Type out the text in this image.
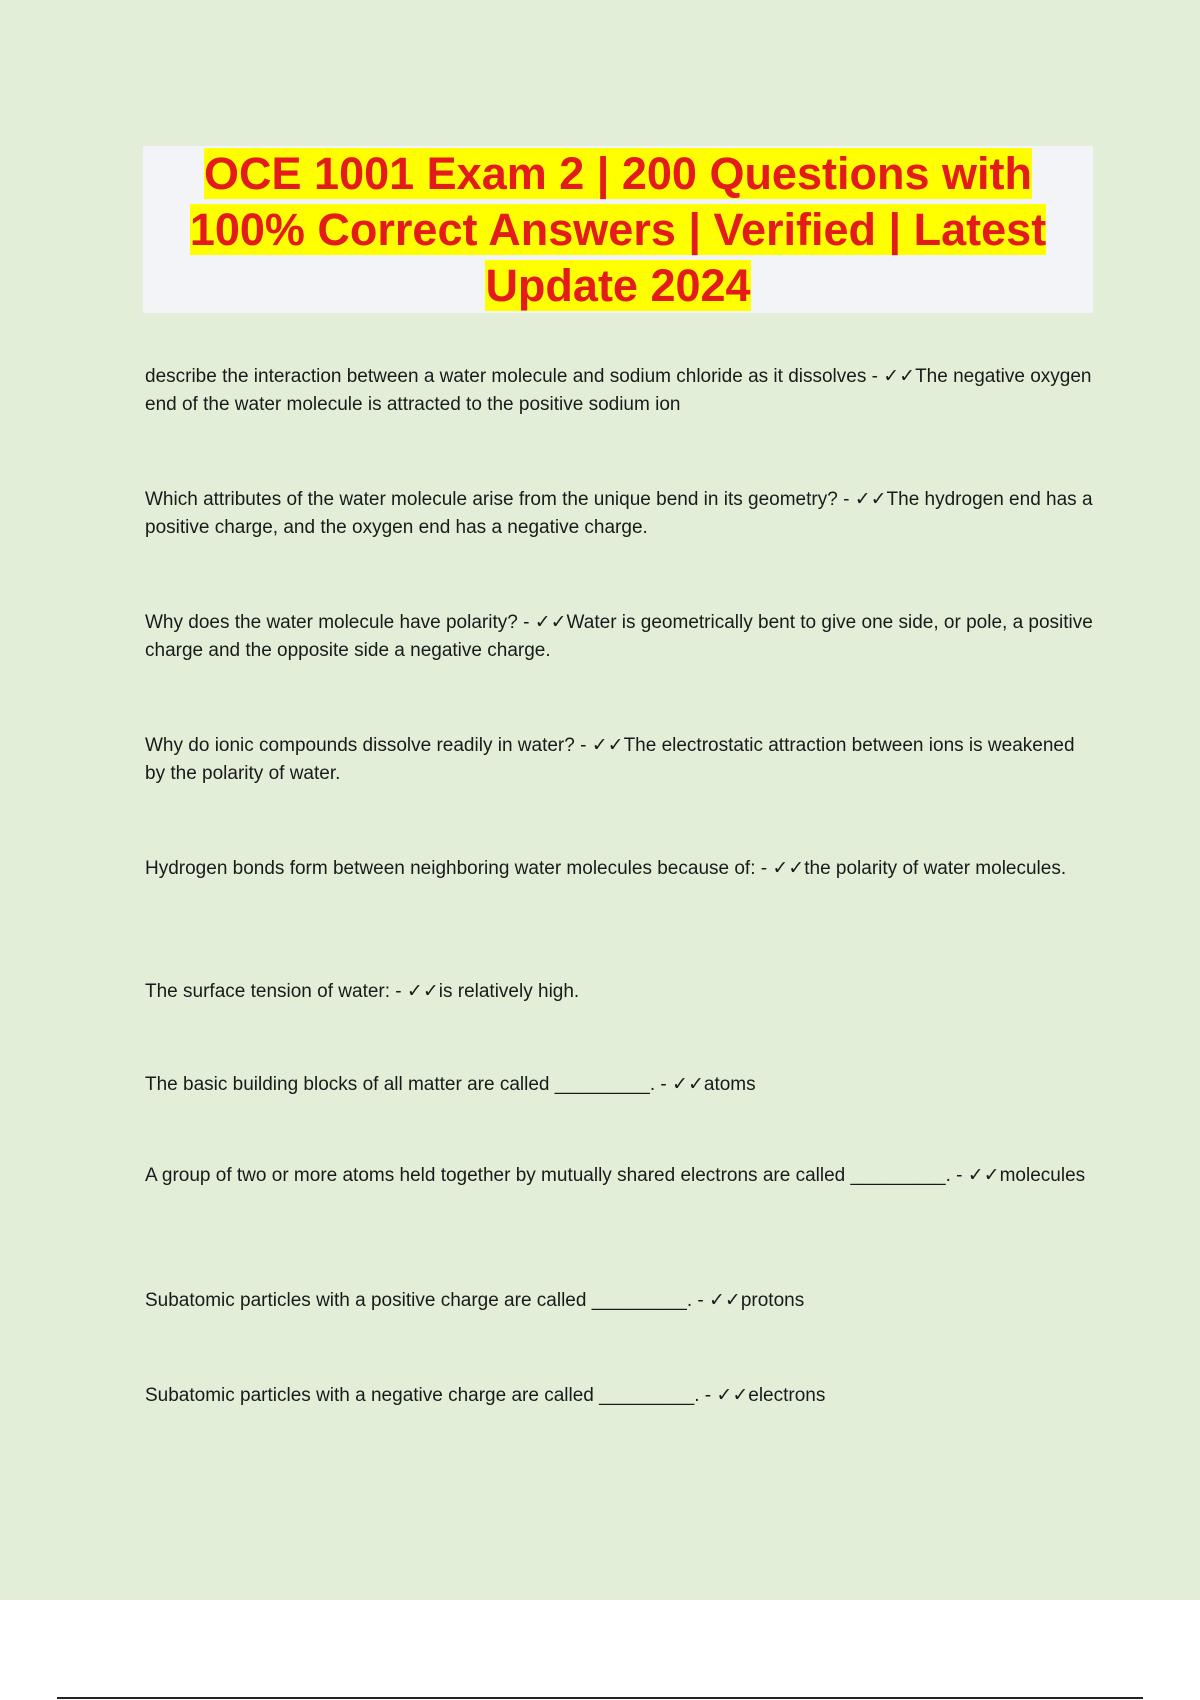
OCE 1001 Exam 2 | 200 Questions with 100% Correct Answers | Verified | Latest Update 2024
describe the interaction between a water molecule and sodium chloride as it dissolves - ✓✓The negative oxygen end of the water molecule is attracted to the positive sodium ion
Which attributes of the water molecule arise from the unique bend in its geometry? - ✓✓The hydrogen end has a positive charge, and the oxygen end has a negative charge.
Why does the water molecule have polarity? - ✓✓Water is geometrically bent to give one side, or pole, a positive charge and the opposite side a negative charge.
Why do ionic compounds dissolve readily in water? - ✓✓The electrostatic attraction between ions is weakened by the polarity of water.
Hydrogen bonds form between neighboring water molecules because of: - ✓✓the polarity of water molecules.
The surface tension of water: - ✓✓is relatively high.
The basic building blocks of all matter are called _________. - ✓✓atoms
A group of two or more atoms held together by mutually shared electrons are called _________. - ✓✓molecules
Subatomic particles with a positive charge are called _________. - ✓✓protons
Subatomic particles with a negative charge are called _________. - ✓✓electrons
